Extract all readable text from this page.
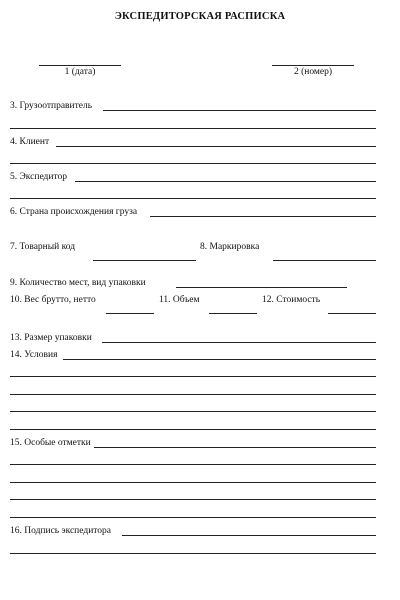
ЭКСПЕДИТОРСКАЯ РАСПИСКА
1 (дата)	2 (номер)
3. Грузоотправитель
4. Клиент
5. Экспедитор
6. Страна происхождения груза
7. Товарный код	8. Маркировка
9. Количество мест, вид упаковки
10. Вес брутто, нетто	11. Объем	12. Стоимость
13. Размер упаковки
14. Условия
15. Особые отметки
16. Подпись экспедитора
